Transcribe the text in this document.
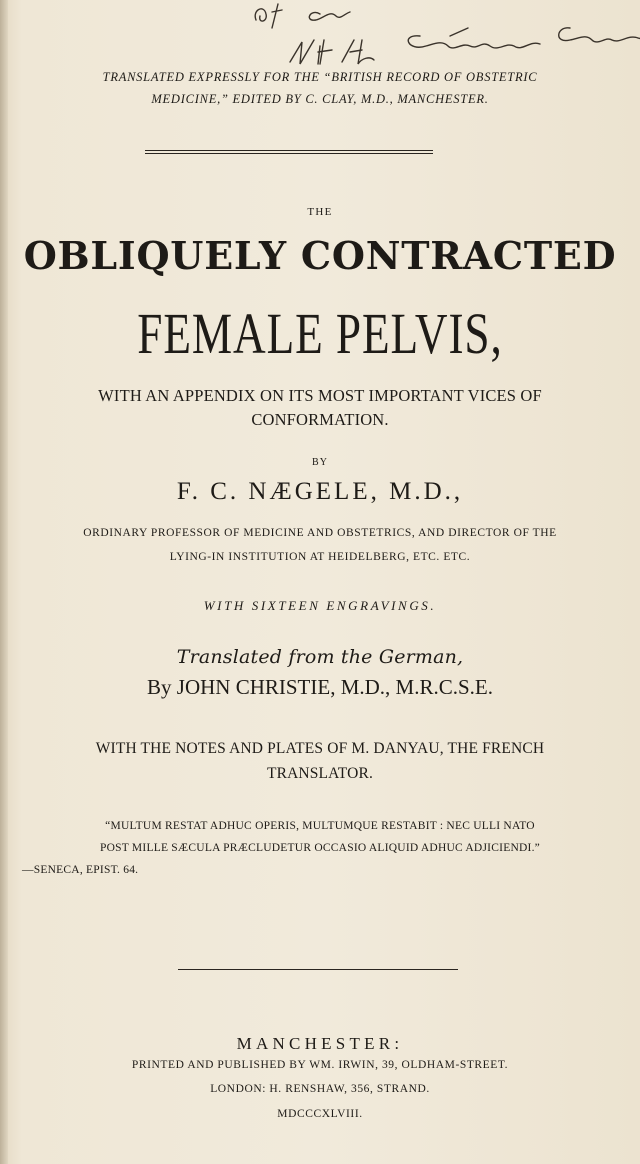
TRANSLATED EXPRESSLY FOR THE “BRITISH RECORD OF OBSTETRIC
MEDICINE,” EDITED BY C. CLAY, M.D., MANCHESTER.
THE
OBLIQUELY CONTRACTED
FEMALE PELVIS,
WITH AN APPENDIX ON ITS MOST IMPORTANT VICES OF
CONFORMATION.
BY
F. C. NÆGELE, M.D.,
ORDINARY PROFESSOR OF MEDICINE AND OBSTETRICS, AND DIRECTOR OF THE
LYING-IN INSTITUTION AT HEIDELBERG, ETC. ETC.
WITH SIXTEEN ENGRAVINGS.
Translated from the German,
By JOHN CHRISTIE, M.D., M.R.C.S.E.
WITH THE NOTES AND PLATES OF M. DANYAU, THE FRENCH
TRANSLATOR.
“MULTUM RESTAT ADHUC OPERIS, MULTUMQUE RESTABIT : NEC ULLI NATO
POST MILLE SÆCULA PRÆCLUDETUR OCCASIO ALIQUID ADHUC ADJICIENDI.”
—SENECA, EPIST. 64.
MANCHESTER:
PRINTED AND PUBLISHED BY WM. IRWIN, 39, OLDHAM-STREET.
LONDON: H. RENSHAW, 356, STRAND.
MDCCCXLVIII.
